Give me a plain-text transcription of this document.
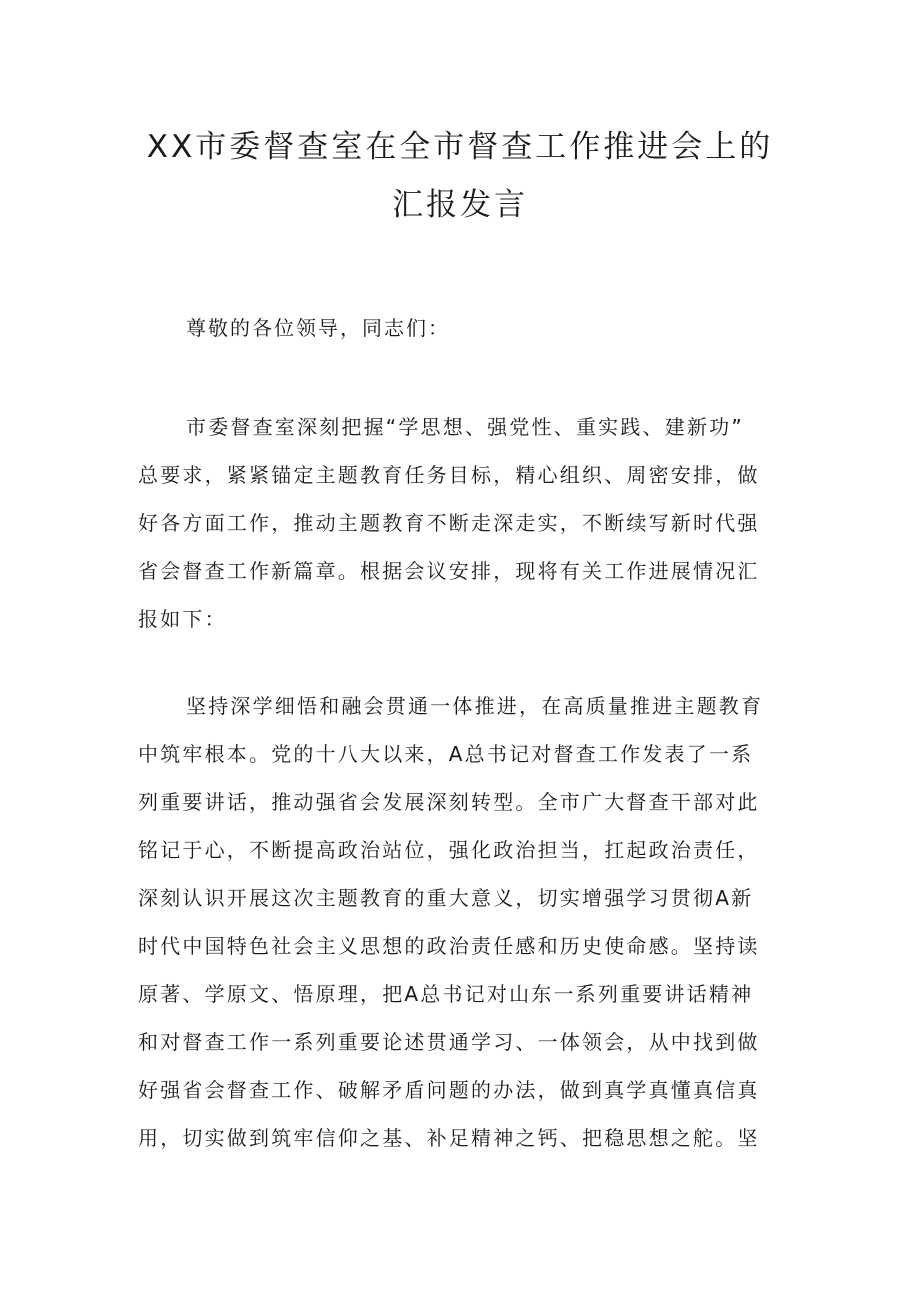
XX市委督查室在全市督查工作推进会上的
汇报发言
尊敬的各位领导，同志们：
市委督查室深刻把握“学思想、强党性、重实践、建新功”
总要求，紧紧锚定主题教育任务目标，精心组织、周密安排，做
好各方面工作，推动主题教育不断走深走实，不断续写新时代强
省会督查工作新篇章。根据会议安排，现将有关工作进展情况汇
报如下：
坚持深学细悟和融会贯通一体推进，在高质量推进主题教育
中筑牢根本。党的十八大以来，A总书记对督查工作发表了一系
列重要讲话，推动强省会发展深刻转型。全市广大督查干部对此
铭记于心，不断提高政治站位，强化政治担当，扛起政治责任，
深刻认识开展这次主题教育的重大意义，切实增强学习贯彻A新
时代中国特色社会主义思想的政治责任感和历史使命感。坚持读
原著、学原文、悟原理，把A总书记对山东一系列重要讲话精神
和对督查工作一系列重要论述贯通学习、一体领会，从中找到做
好强省会督查工作、破解矛盾问题的办法，做到真学真懂真信真
用，切实做到筑牢信仰之基、补足精神之钙、把稳思想之舵。坚
